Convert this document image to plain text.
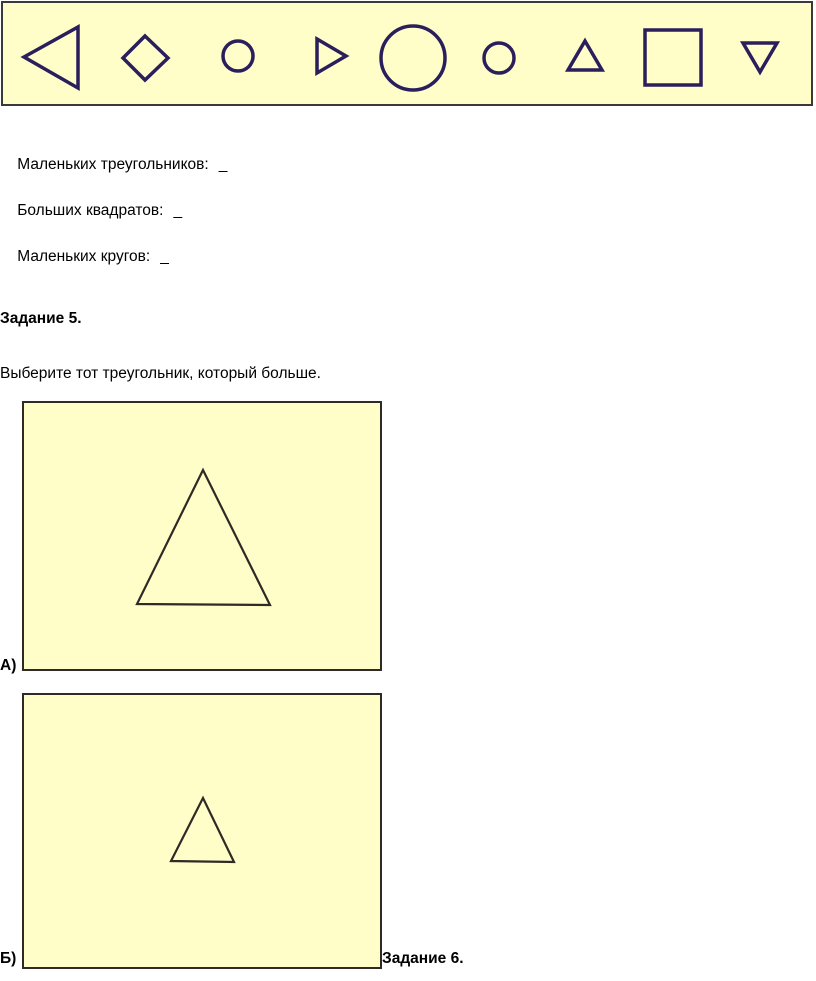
Маленьких треугольников: _

Больших квадратов: _

Маленьких кругов: _

Задание 5.
Выберите тот треугольник, который больше.
А)
Б)	Задание 6.
